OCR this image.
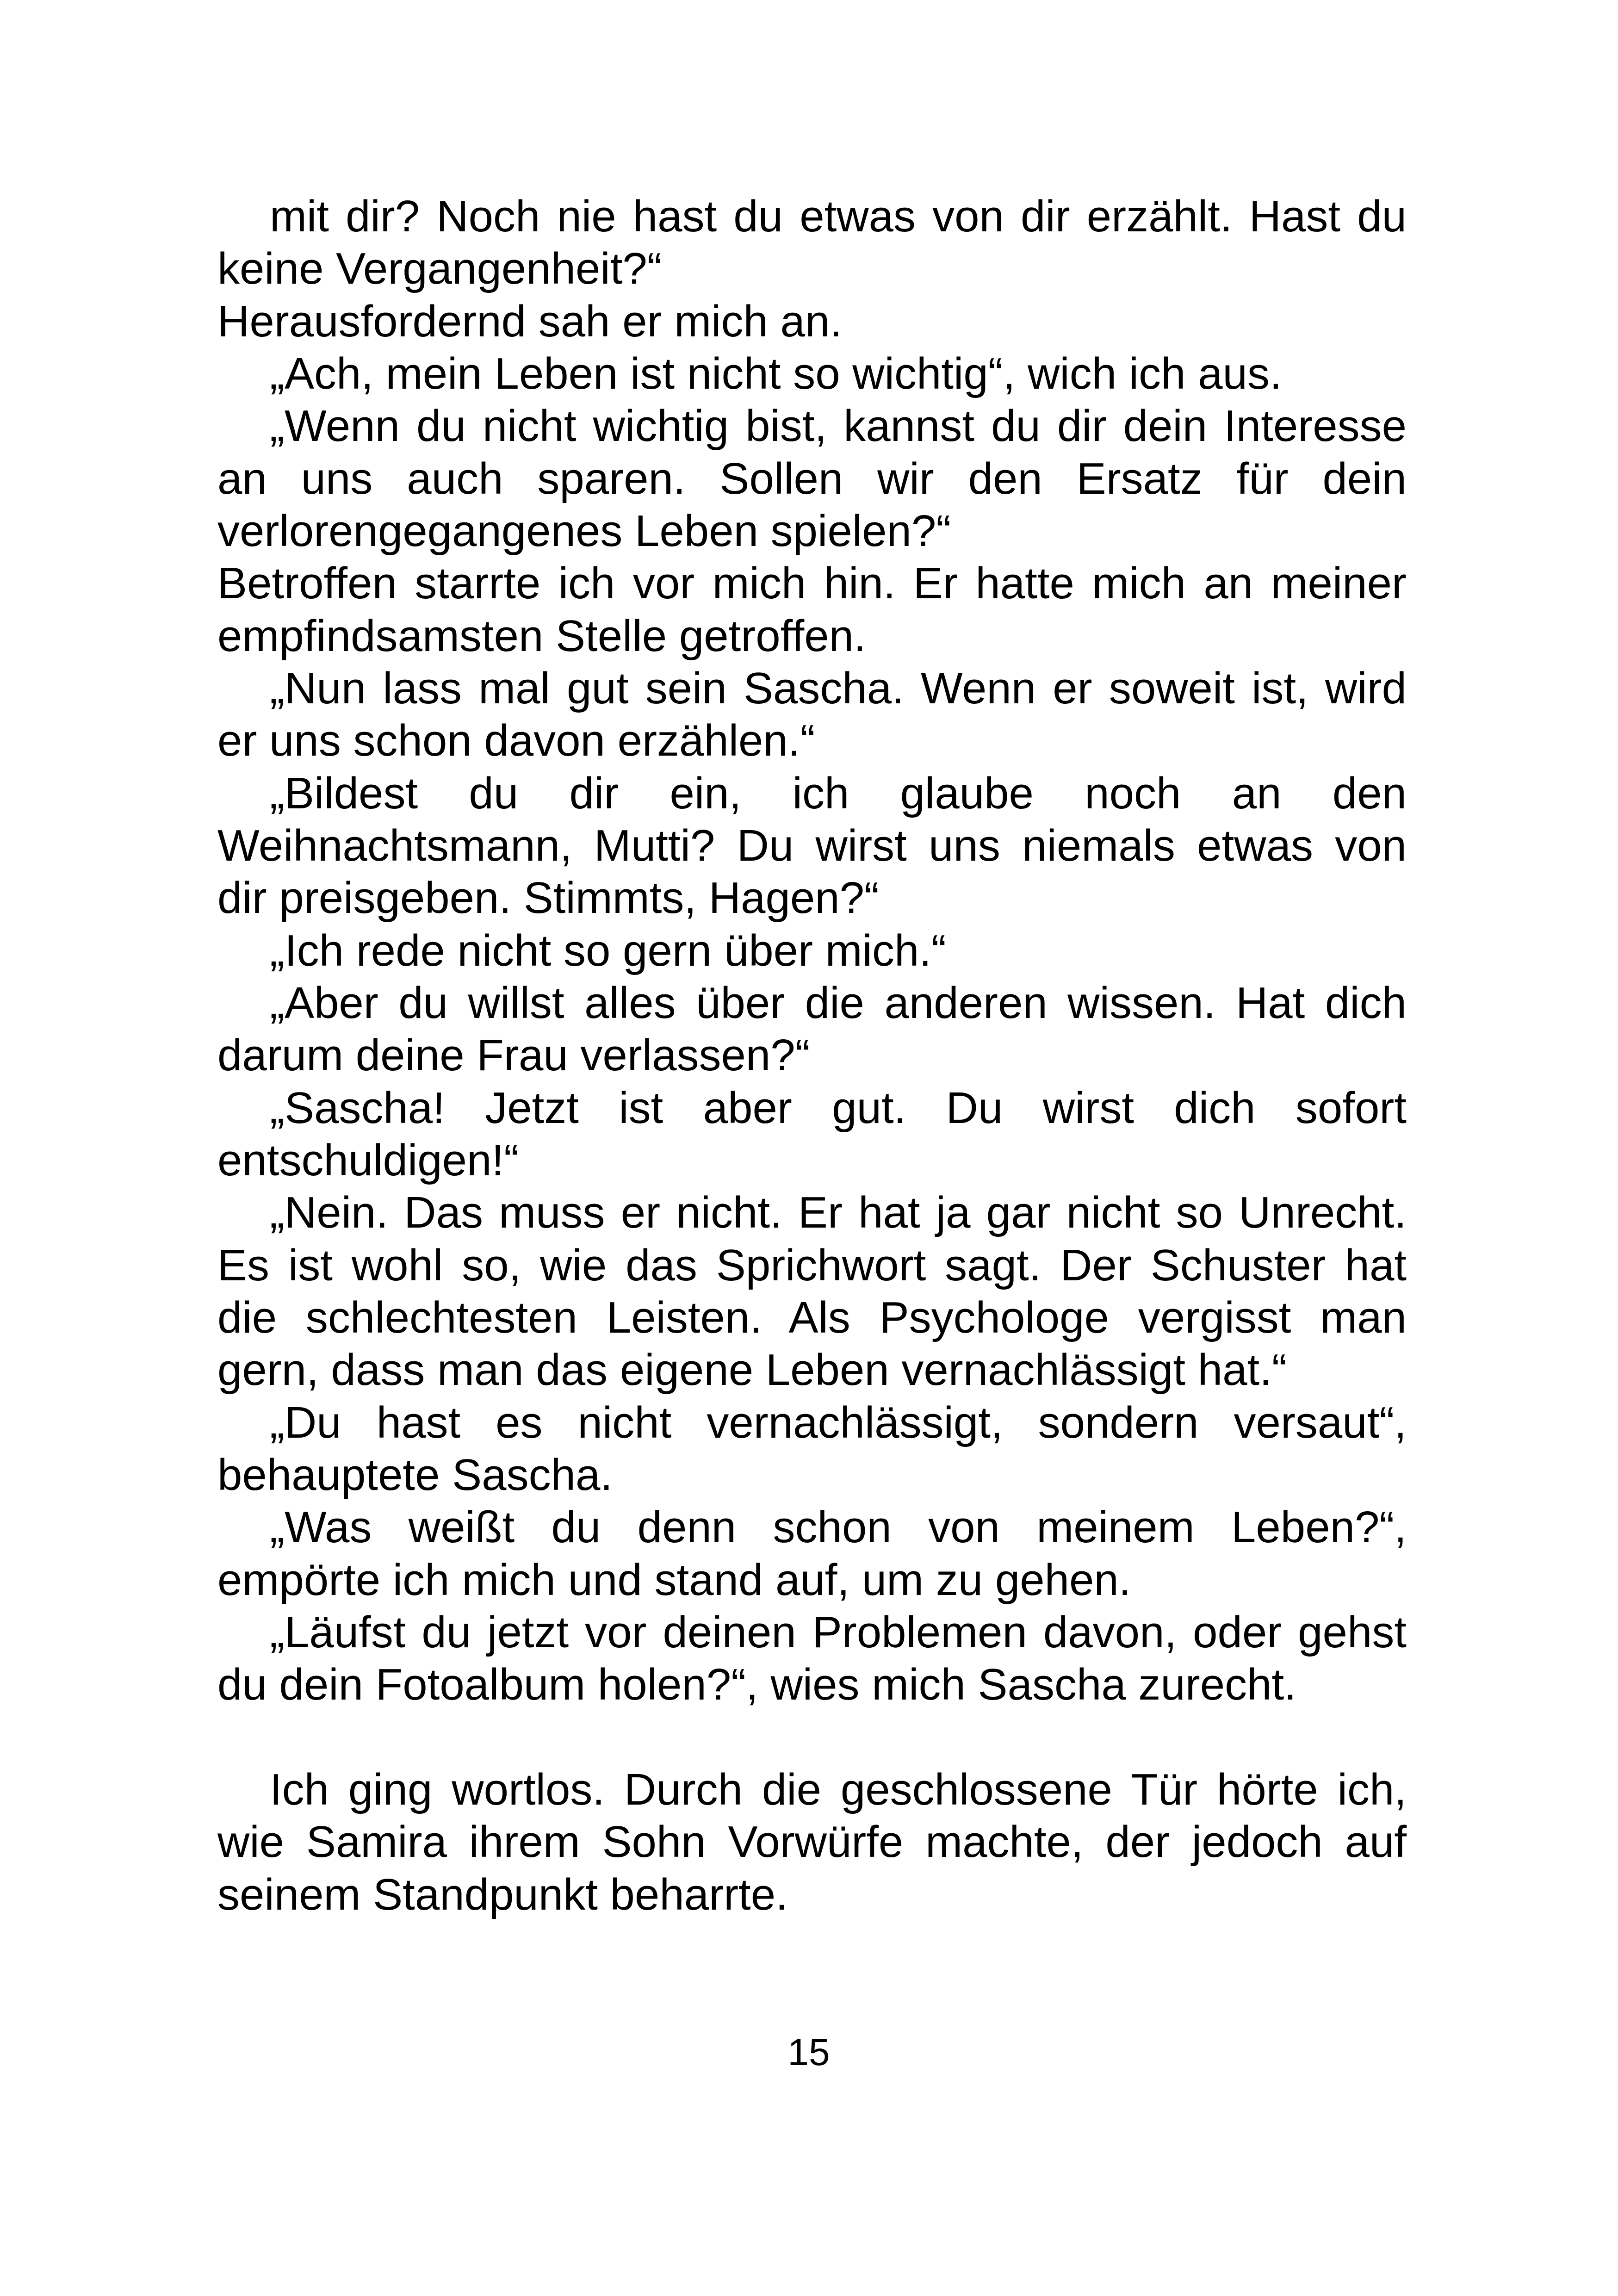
mit dir? Noch nie hast du etwas von dir erzählt. Hast du
keine Vergangenheit?“
Herausfordernd sah er mich an.
„Ach, mein Leben ist nicht so wichtig“, wich ich aus.
„Wenn du nicht wichtig bist, kannst du dir dein Interesse
an uns auch sparen. Sollen wir den Ersatz für dein
verlorengegangenes Leben spielen?“
Betroffen starrte ich vor mich hin. Er hatte mich an meiner
empfindsamsten Stelle getroffen.
„Nun lass mal gut sein Sascha. Wenn er soweit ist, wird
er uns schon davon erzählen.“
„Bildest du dir ein, ich glaube noch an den
Weihnachtsmann, Mutti? Du wirst uns niemals etwas von
dir preisgeben. Stimmts, Hagen?“
„Ich rede nicht so gern über mich.“
„Aber du willst alles über die anderen wissen. Hat dich
darum deine Frau verlassen?“
„Sascha! Jetzt ist aber gut. Du wirst dich sofort
entschuldigen!“
„Nein. Das muss er nicht. Er hat ja gar nicht so Unrecht.
Es ist wohl so, wie das Sprichwort sagt. Der Schuster hat
die schlechtesten Leisten. Als Psychologe vergisst man
gern, dass man das eigene Leben vernachlässigt hat.“
„Du hast es nicht vernachlässigt, sondern versaut“,
behauptete Sascha.
„Was weißt du denn schon von meinem Leben?“,
empörte ich mich und stand auf, um zu gehen.
„Läufst du jetzt vor deinen Problemen davon, oder gehst
du dein Fotoalbum holen?“, wies mich Sascha zurecht.
Ich ging wortlos. Durch die geschlossene Tür hörte ich,
wie Samira ihrem Sohn Vorwürfe machte, der jedoch auf
seinem Standpunkt beharrte.
15
